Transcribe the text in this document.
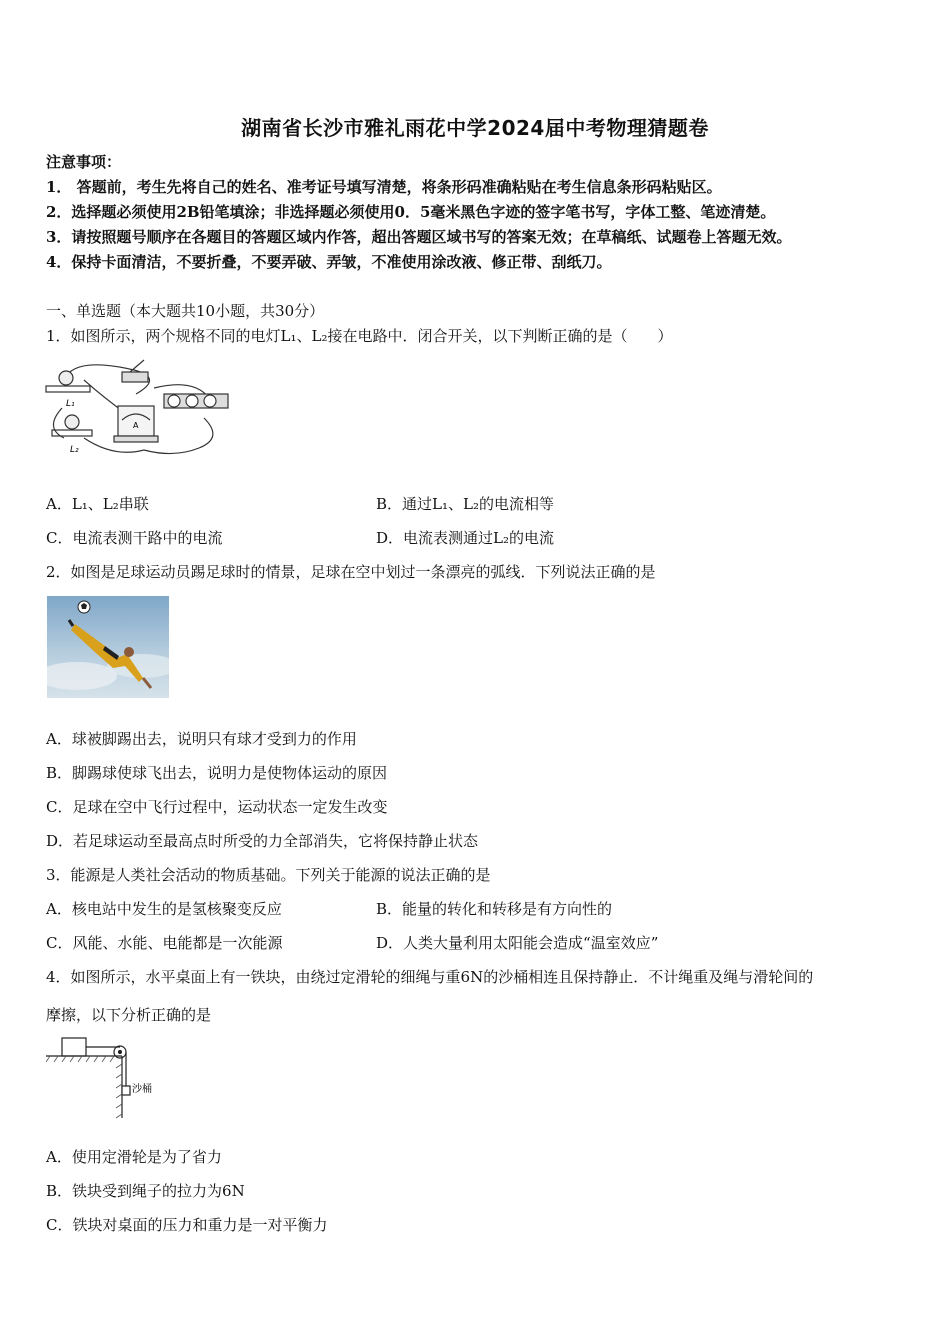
湖南省长沙市雅礼雨花中学2024届中考物理猜题卷
注意事项：
1． 答题前，考生先将自己的姓名、准考证号填写清楚，将条形码准确粘贴在考生信息条形码粘贴区。
2．选择题必须使用2B铅笔填涂；非选择题必须使用0．5毫米黑色字迹的签字笔书写，字体工整、笔迹清楚。
3．请按照题号顺序在各题目的答题区域内作答，超出答题区域书写的答案无效；在草稿纸、试题卷上答题无效。
4．保持卡面清洁，不要折叠，不要弄破、弄皱，不准使用涂改液、修正带、刮纸刀。
一、单选题（本大题共10小题，共30分）
1．如图所示，两个规格不同的电灯L₁、L₂接在电路中．闭合开关，以下判断正确的是（　　）
L₁
L₂
A
A．L₁、L₂串联	B．通过L₁、L₂的电流相等
C．电流表测干路中的电流	D．电流表测通过L₂的电流
2．如图是足球运动员踢足球时的情景，足球在空中划过一条漂亮的弧线．下列说法正确的是
A．球被脚踢出去，说明只有球才受到力的作用
B．脚踢球使球飞出去，说明力是使物体运动的原因
C．足球在空中飞行过程中，运动状态一定发生改变
D．若足球运动至最高点时所受的力全部消失，它将保持静止状态
3．能源是人类社会活动的物质基础。下列关于能源的说法正确的是
A．核电站中发生的是氢核聚变反应	B．能量的转化和转移是有方向性的
C．风能、水能、电能都是一次能源	D．人类大量利用太阳能会造成“温室效应”
4．如图所示，水平桌面上有一铁块，由绕过定滑轮的细绳与重6N的沙桶相连且保持静止．不计绳重及绳与滑轮间的
摩擦，以下分析正确的是
沙桶
A．使用定滑轮是为了省力
B．铁块受到绳子的拉力为6N
C．铁块对桌面的压力和重力是一对平衡力
